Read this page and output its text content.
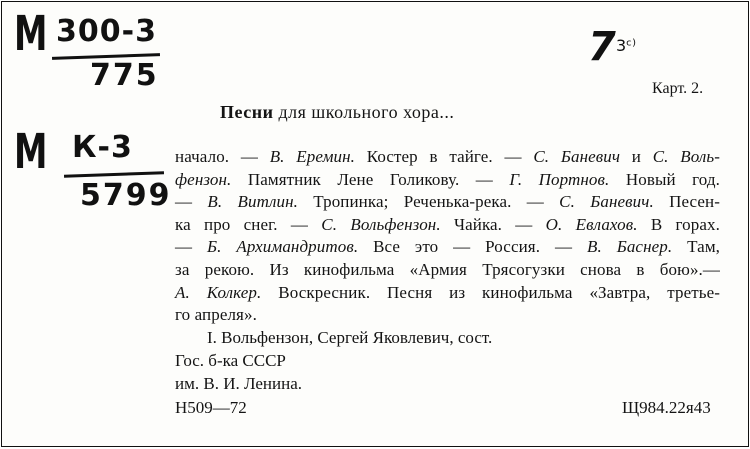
М 300-3
775
М К-3
5799
7 3ᶜ⁾
Карт. 2.
Песни для школьного хора...
начало. — В. Еремин. Костер в тайге. — С. Баневич и С. Воль-
фензон. Памятник Лене Голикову. — Г. Портнов. Новый год.
— В. Витлин. Тропинка; Реченька-река. — С. Баневич. Песен-
ка про снег. — С. Вольфензон. Чайка. — О. Евлахов. В горах.
— Б. Архимандритов. Все это — Россия. — В. Баснер. Там,
за рекою. Из кинофильма «Армия Трясогузки снова в бою».—
А. Колкер. Воскресник. Песня из кинофильма «Завтра, третье-
го апреля».
I. Вольфензон, Сергей Яковлевич, сост.
Гос. б-ка СССР
им. В. И. Ленина.
Н509—72	Щ984.22я43
